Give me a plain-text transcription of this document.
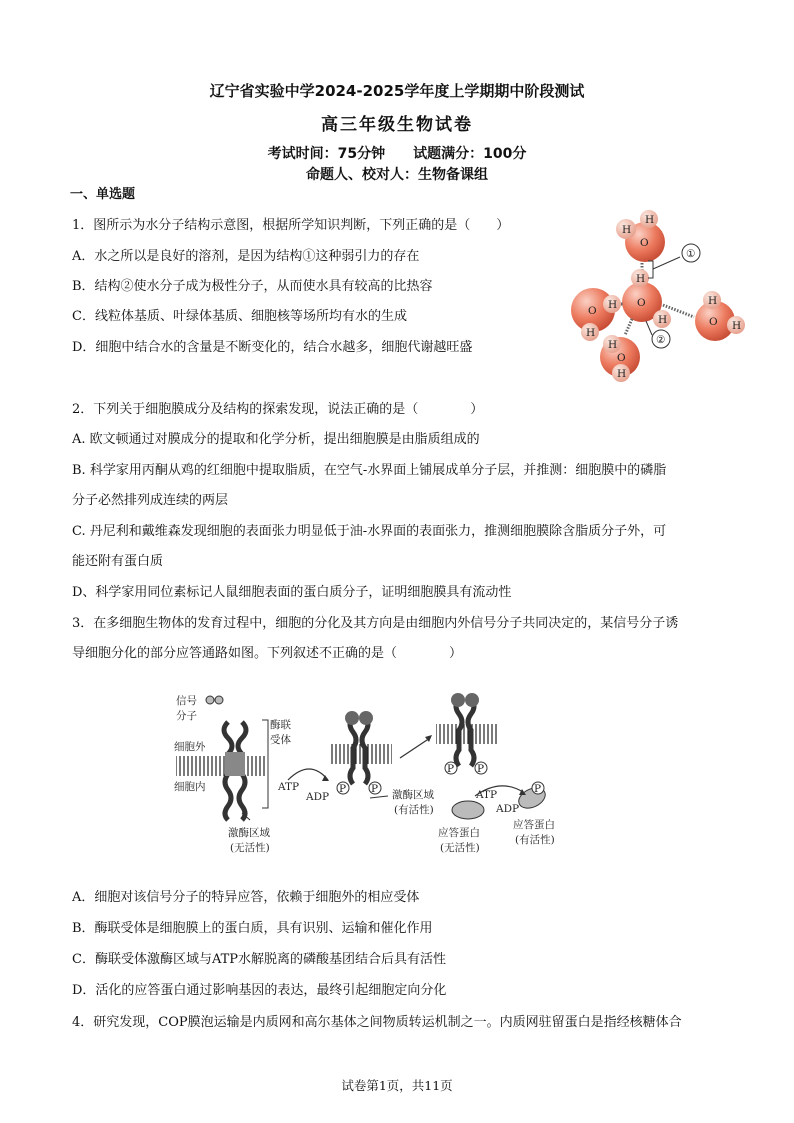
辽宁省实验中学2024-2025学年度上学期期中阶段测试
高三年级生物试卷
考试时间：75分钟　　试题满分：100分
命题人、校对人：生物备课组
一、单选题
1．图所示为水分子结构示意图，根据所学知识判断，下列正确的是（　　）
A．水之所以是良好的溶剂，是因为结构①这种弱引力的存在
B．结构②使水分子成为极性分子，从而使水具有较高的比热容
C．线粒体基质、叶绿体基质、细胞核等场所均有水的生成
D．细胞中结合水的含量是不断变化的，结合水越多，细胞代谢越旺盛
H
H
O
H
O
H
O H
H
O
H
H
H
O
H
①
②
2．下列关于细胞膜成分及结构的探索发现，说法正确的是（　　　　）
A. 欧文顿通过对膜成分的提取和化学分析，提出细胞膜是由脂质组成的
B. 科学家用丙酮从鸡的红细胞中提取脂质，在空气-水界面上铺展成单分子层，并推测：细胞膜中的磷脂
分子必然排列成连续的两层
C. 丹尼利和戴维森发现细胞的表面张力明显低于油-水界面的表面张力，推测细胞膜除含脂质分子外，可
能还附有蛋白质
D、科学家用同位素标记人鼠细胞表面的蛋白质分子，证明细胞膜具有流动性
3．在多细胞生物体的发育过程中，细胞的分化及其方向是由细胞内外信号分子共同决定的，某信号分子诱
导细胞分化的部分应答通路如图。下列叙述不正确的是（　　　　）
信号
分子
酶联
受体
细胞外
细胞内
激酶区域
(无活性)
ATP
ADP
P P 激酶区域
(有活性)
P P
P
ATP
ADP
应答蛋白
(无活性)
应答蛋白
(有活性)
A．细胞对该信号分子的特异应答，依赖于细胞外的相应受体
B．酶联受体是细胞膜上的蛋白质，具有识别、运输和催化作用
C．酶联受体激酶区域与ATP水解脱离的磷酸基团结合后具有活性
D．活化的应答蛋白通过影响基因的表达，最终引起细胞定向分化
4．研究发现，COP膜泡运输是内质网和高尔基体之间物质转运机制之一。内质网驻留蛋白是指经核糖体合
试卷第1页，共11页
